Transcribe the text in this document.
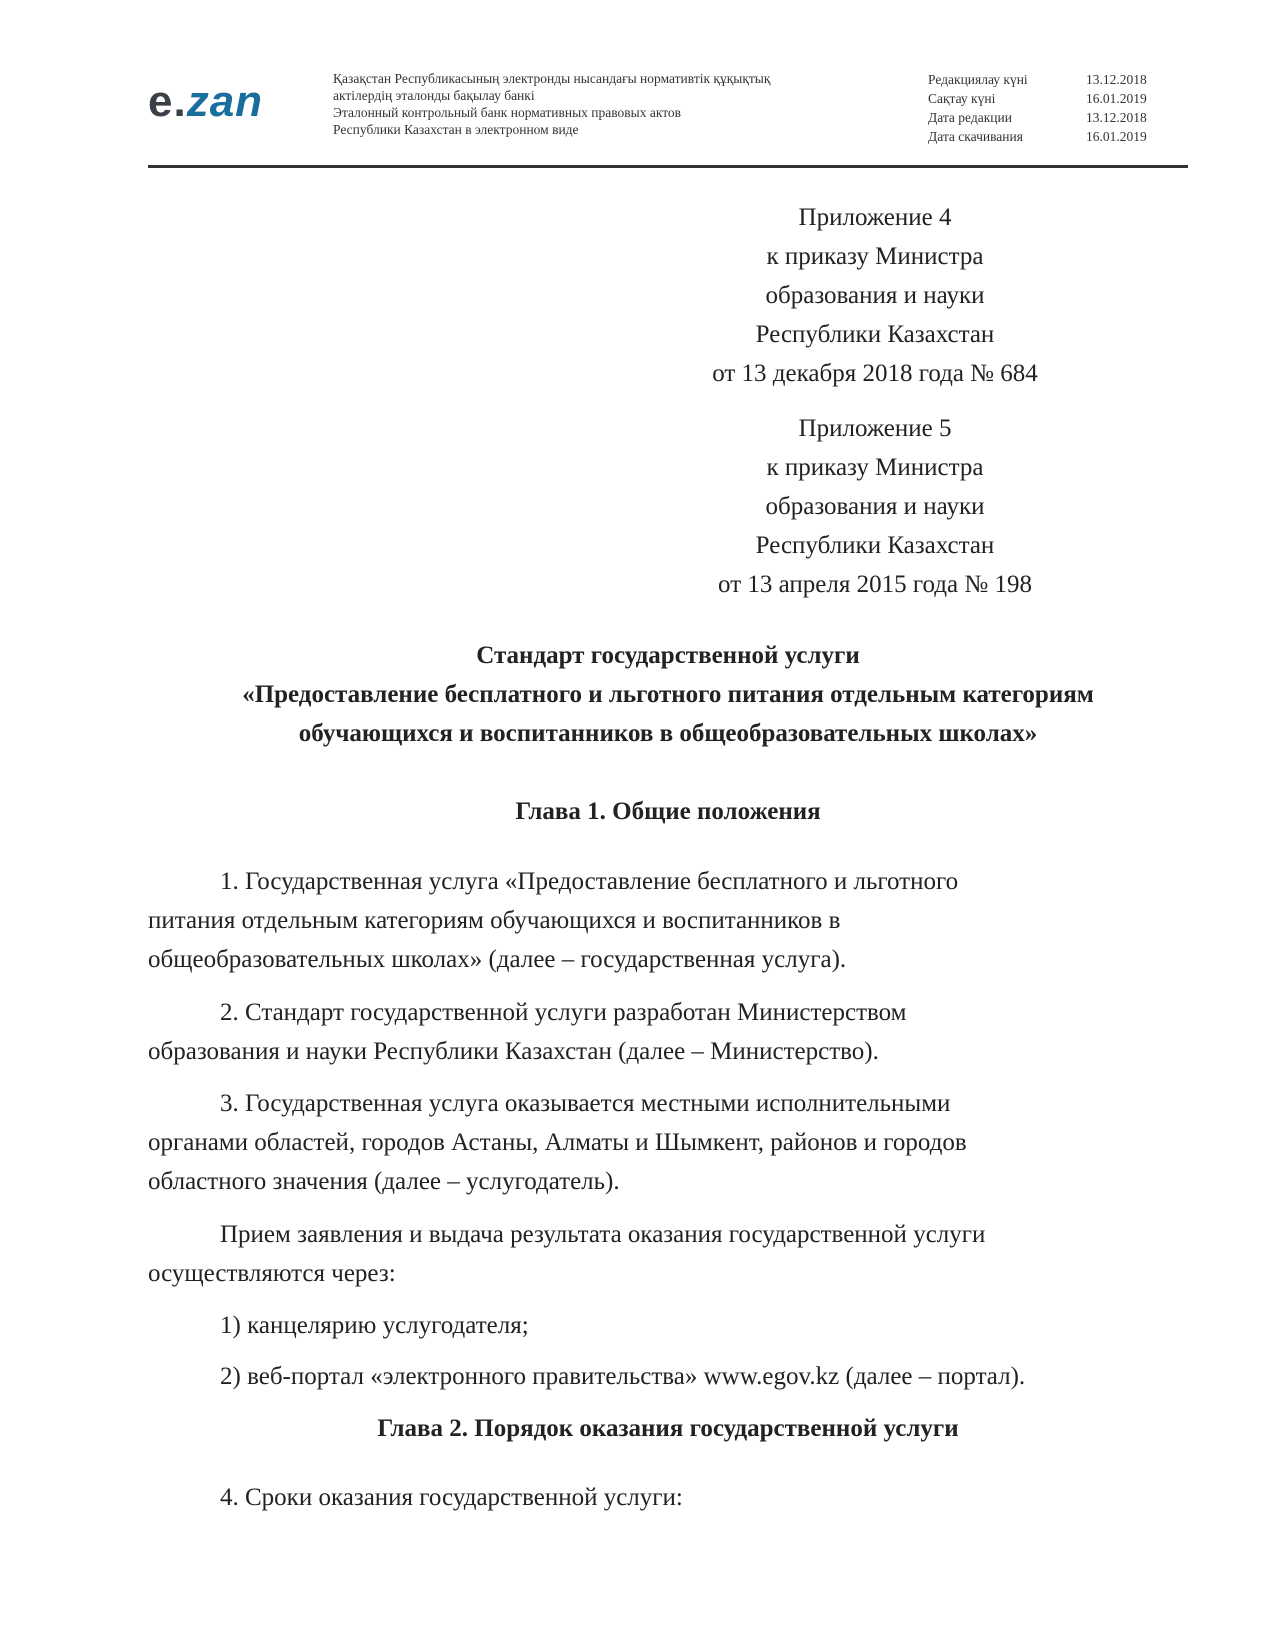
e.zan	Қазақстан Республикасының электронды нысандағы нормативтік құқықтық
актілердің эталонды бақылау банкі
Эталонный контрольный банк нормативных правовых актов
Республики Казахстан в электронном виде
Редакциялау күні	13.12.2018
Сақтау күні	16.01.2019
Дата редакции	13.12.2018
Дата скачивания	16.01.2019
Приложение 4
к приказу Министра
образования и науки
Республики Казахстан
от 13 декабря 2018 года № 684
Приложение 5
к приказу Министра
образования и науки
Республики Казахстан
от 13 апреля 2015 года № 198
Стандарт государственной услуги
«Предоставление бесплатного и льготного питания отдельным категориям
обучающихся и воспитанников в общеобразовательных школах»
Глава 1. Общие положения
1. Государственная услуга «Предоставление бесплатного и льготного
питания отдельным категориям обучающихся и воспитанников в
общеобразовательных школах» (далее – государственная услуга).
2. Стандарт государственной услуги разработан Министерством
образования и науки Республики Казахстан (далее – Министерство).
3. Государственная услуга оказывается местными исполнительными
органами областей, городов Астаны, Алматы и Шымкент, районов и городов
областного значения (далее – услугодатель).
Прием заявления и выдача результата оказания государственной услуги
осуществляются через:
1) канцелярию услугодателя;
2) веб-портал «электронного правительства» www.egov.kz (далее – портал).
Глава 2. Порядок оказания государственной услуги
4. Сроки оказания государственной услуги:
